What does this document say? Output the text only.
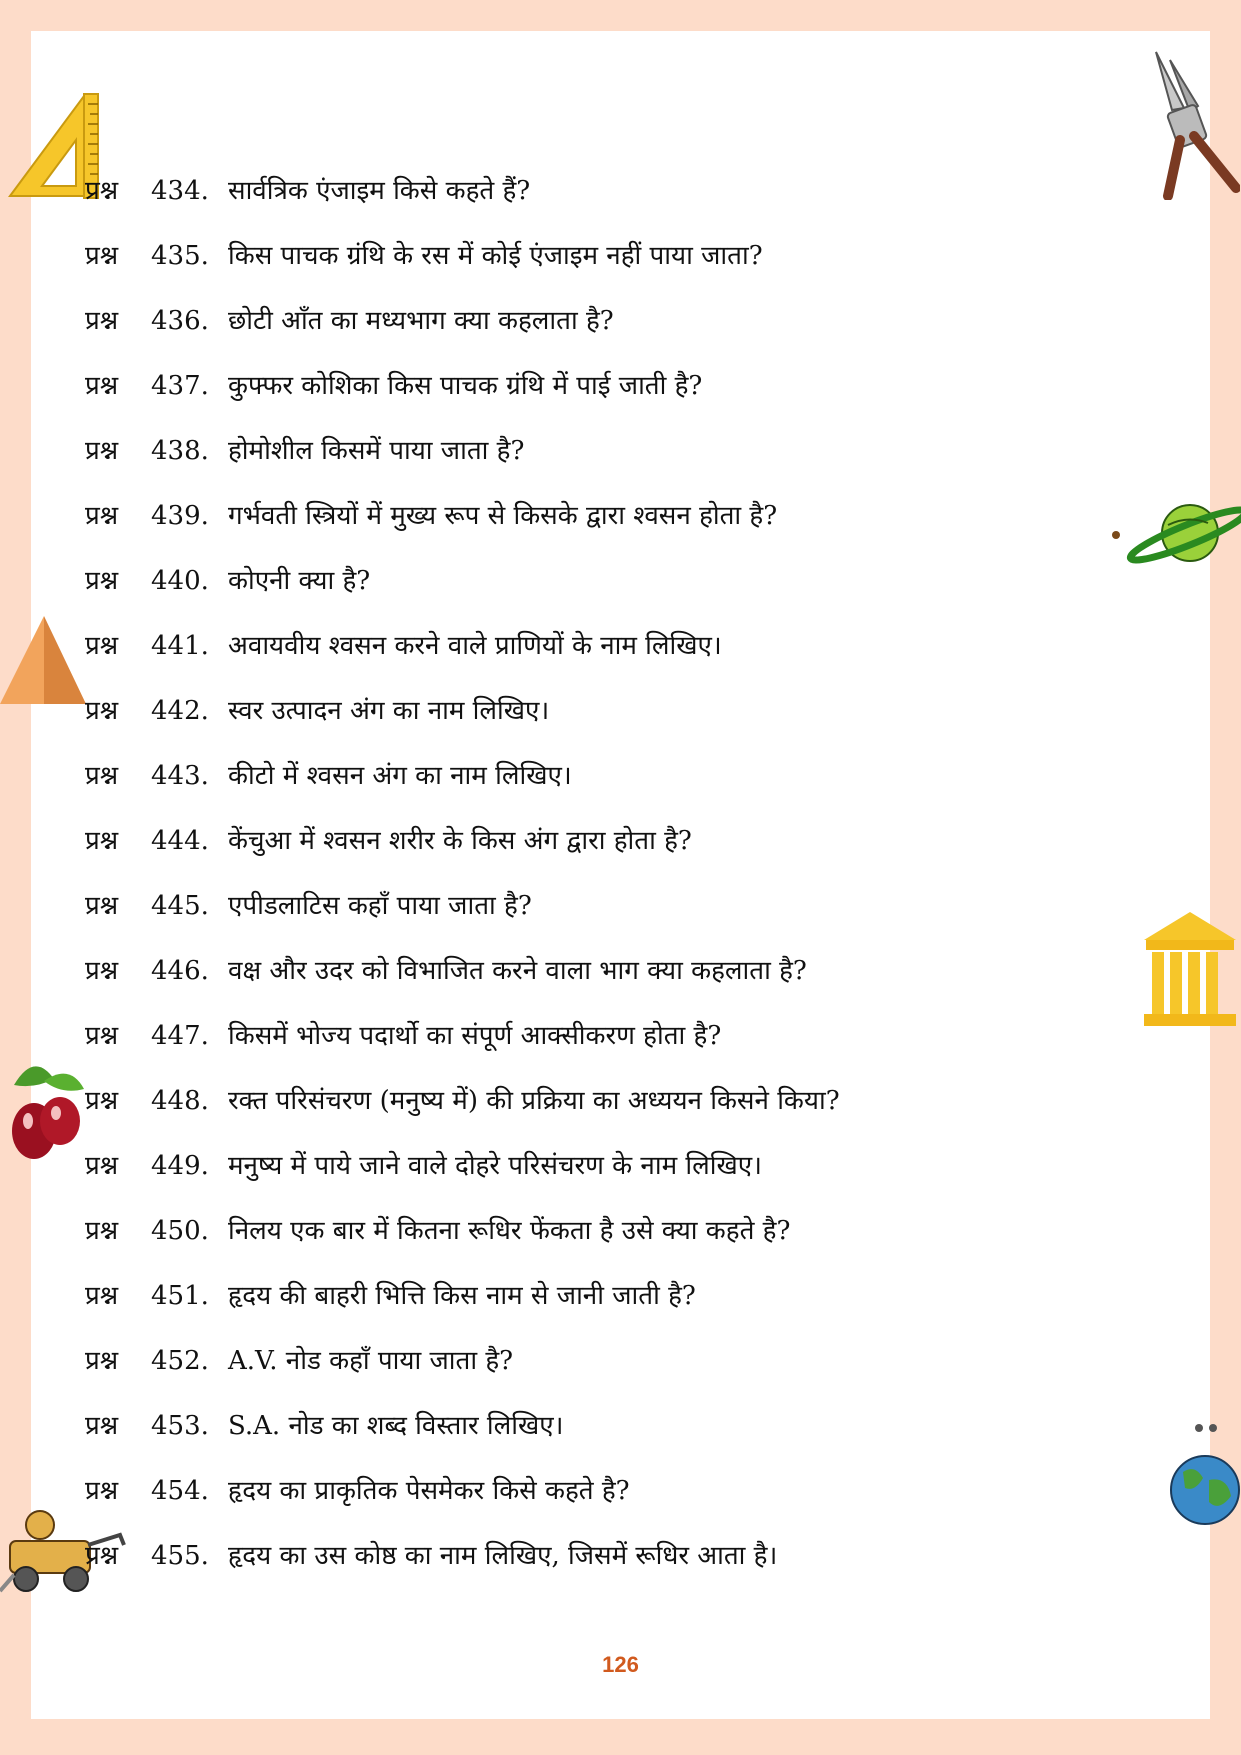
प्रश्न	434. सार्वत्रिक एंजाइम किसे कहते हैं?
प्रश्न	435. किस पाचक ग्रंथि के रस में कोई एंजाइम नहीं पाया जाता?
प्रश्न	436. छोटी आँत का मध्यभाग क्या कहलाता है?
प्रश्न	437. कुफ्फर कोशिका किस पाचक ग्रंथि में पाई जाती है?
प्रश्न	438. होमोशील किसमें पाया जाता है?
प्रश्न	439. गर्भवती स्त्रियों में मुख्य रूप से किसके द्वारा श्वसन होता है?
प्रश्न	440. कोएनी क्या है?
प्रश्न	441. अवायवीय श्वसन करने वाले प्राणियों के नाम लिखिए।
प्रश्न	442. स्वर उत्पादन अंग का नाम लिखिए।
प्रश्न	443. कीटो में श्वसन अंग का नाम लिखिए।
प्रश्न	444. केंचुआ में श्वसन शरीर के किस अंग द्वारा होता है?
प्रश्न	445. एपीडलाटिस कहाँ पाया जाता है?
प्रश्न	446. वक्ष और उदर को विभाजित करने वाला भाग क्या कहलाता है?
प्रश्न	447. किसमें भोज्य पदार्थो का संपूर्ण आक्सीकरण होता है?
प्रश्न	448. रक्त परिसंचरण (मनुष्य में) की प्रक्रिया का अध्ययन किसने किया?
प्रश्न	449. मनुष्य में पाये जाने वाले दोहरे परिसंचरण के नाम लिखिए।
प्रश्न	450. निलय एक बार में कितना रूधिर फेंकता है उसे क्या कहते है?
प्रश्न	451. हृदय की बाहरी भित्ति किस नाम से जानी जाती है?
प्रश्न	452. A.V. नोड कहाँ पाया जाता है?
प्रश्न	453. S.A. नोड का शब्द विस्तार लिखिए।
प्रश्न	454. हृदय का प्राकृतिक पेसमेकर किसे कहते है?
प्रश्न	455. हृदय का उस कोष्ठ का नाम लिखिए, जिसमें रूधिर आता है।
126
